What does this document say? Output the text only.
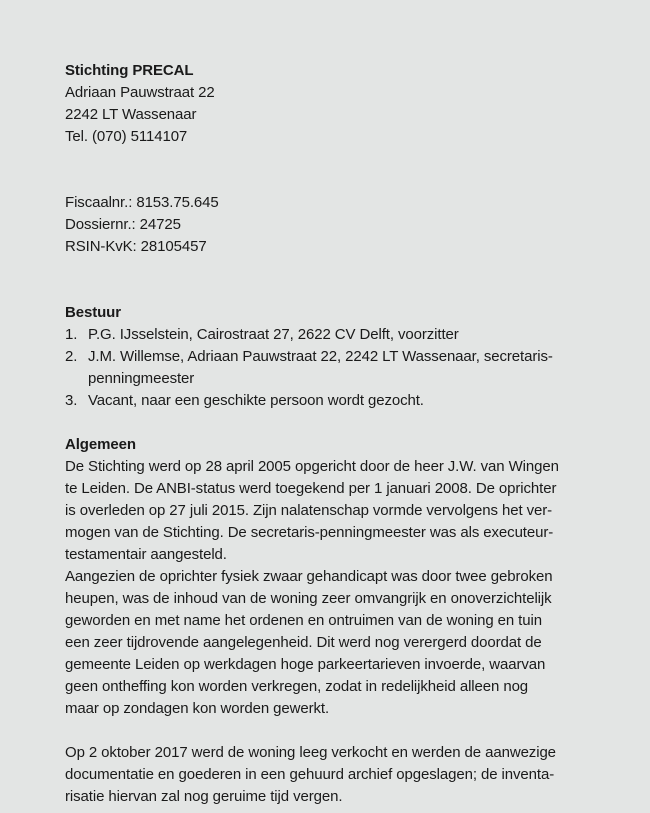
Stichting PRECAL
Adriaan Pauwstraat 22
2242 LT Wassenaar
Tel. (070) 5114107
Fiscaalnr.: 8153.75.645
Dossiernr.: 24725
RSIN-KvK: 28105457
Bestuur
1. P.G. IJsselstein, Cairostraat 27, 2622 CV Delft, voorzitter
2. J.M. Willemse, Adriaan Pauwstraat 22, 2242 LT Wassenaar, secretaris-
penningmeester
3. Vacant, naar een geschikte persoon wordt gezocht.
Algemeen
De Stichting werd op 28 april 2005 opgericht door de heer J.W. van Wingen
te Leiden. De ANBI-status werd toegekend per 1 januari 2008. De oprichter
is overleden op 27 juli 2015. Zijn nalatenschap vormde vervolgens het ver-
mogen van de Stichting. De secretaris-penningmeester was als executeur-
testamentair aangesteld.
Aangezien de oprichter fysiek zwaar gehandicapt was door twee gebroken
heupen, was de inhoud van de woning zeer omvangrijk en onoverzichtelijk
geworden en met name het ordenen en ontruimen van de woning en tuin
een zeer tijdrovende aangelegenheid. Dit werd nog verergerd doordat de
gemeente Leiden op werkdagen hoge parkeertarieven invoerde, waarvan
geen ontheffing kon worden verkregen, zodat in redelijkheid alleen nog
maar op zondagen kon worden gewerkt.
Op 2 oktober 2017 werd de woning leeg verkocht en werden de aanwezige
documentatie en goederen in een gehuurd archief opgeslagen; de inventa-
risatie hiervan zal nog geruime tijd vergen.
